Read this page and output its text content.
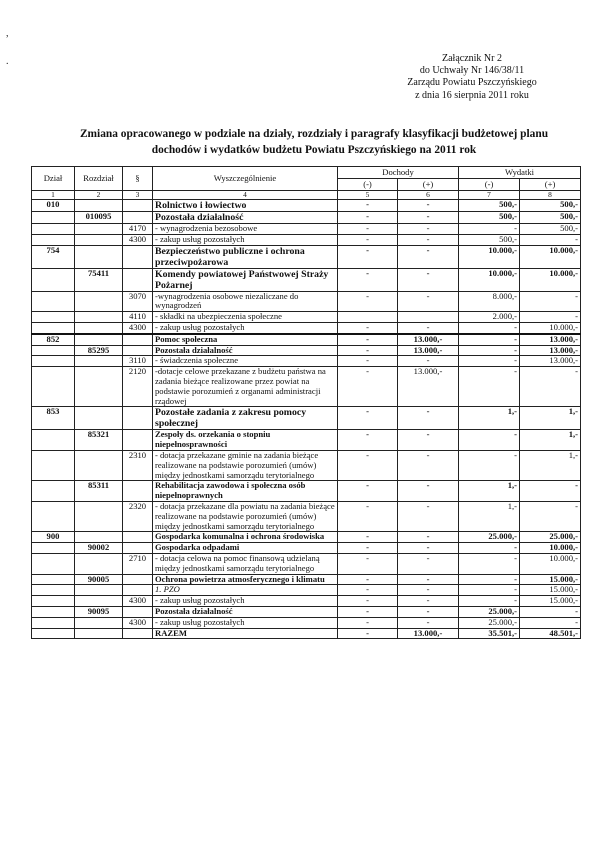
,
.	Załącznik Nr 2
do Uchwały Nr 146/38/11
Zarządu Powiatu Pszczyńskiego
z dnia 16 sierpnia 2011 roku
Zmiana opracowanego w podziale na działy, rozdziały i paragrafy klasyfikacji budżetowej planu
dochodów i wydatków budżetu Powiatu Pszczyńskiego na 2011 rok
Dział	Rozdział	§	Wyszczególnienie	Dochody		Wydatki	
				(-)	(+)	(-)	(+)
1	2	3	4	5	6	7	8
010			Rolnictwo i łowiectwo	-	-	500,-	500,-
	010095		Pozostała działalność	-	-	500,-	500,-
		4170	- wynagrodzenia bezosobowe	-	-	-	500,-
		4300	- zakup usług pozostałych	-	-	500,-	-
754			Bezpieczeństwo publiczne i ochrona przeciwpożarowa	-	-	10.000,-	10.000,-
	75411		Komendy powiatowej Państwowej Straży Pożarnej	-	-	10.000,-	10.000,-
		3070	-wynagrodzenia osobowe niezaliczane do wynagrodzeń	-	-	8.000,-	-
		4110	- składki na ubezpieczenia społeczne			2.000,-	-
		4300	- zakup usług pozostałych	-	-	-	10.000,-
852			Pomoc społeczna	-	13.000,-	-	13.000,-
	85295		Pozostała działalność	-	13.000,-	-	13.000,-
		3110	- świadczenia społeczne	-	-	-	13.000,-
		2120	-dotacje celowe przekazane z budżetu państwa na zadania bieżące realizowane przez powiat na podstawie porozumień z organami administracji rządowej	-	13.000,-	-	-
853			Pozostałe zadania z zakresu pomocy społecznej	-	-	1,-	1,-
	85321		Zespoły ds. orzekania o stopniu niepełnosprawności	-	-	-	1,-
		2310	- dotacja przekazane gminie na zadania bieżące realizowane na podstawie porozumień (umów) między jednostkami samorządu terytorialnego	-	-	-	1,-
	85311		Rehabilitacja zawodowa i społeczna osób niepełnoprawnych	-	-	1,-	-
		2320	- dotacja przekazane dla powiatu na zadania bieżące realizowane na podstawie porozumień (umów) między jednostkami samorządu terytorialnego	-	-	1,-	-
900			Gospodarka komunalna i ochrona środowiska	-	-	25.000,-	25.000,-
	90002		Gospodarka odpadami	-	-	-	10.000,-
		2710	- dotacja celowa na pomoc finansową udzielaną między jednostkami samorządu terytorialnego	-	-	-	10.000,-
	90005		Ochrona powietrza atmosferycznego i klimatu	-	-	-	15.000,-
			1. PZO	-	-	-	15.000,-
		4300	- zakup usług pozostałych	-	-	-	15.000,-
	90095		Pozostała działalność	-	-	25.000,-	-
		4300	- zakup usług pozostałych	-	-	25.000,-	-
			RAZEM	-	13.000,-	35.501,-	48.501,-
